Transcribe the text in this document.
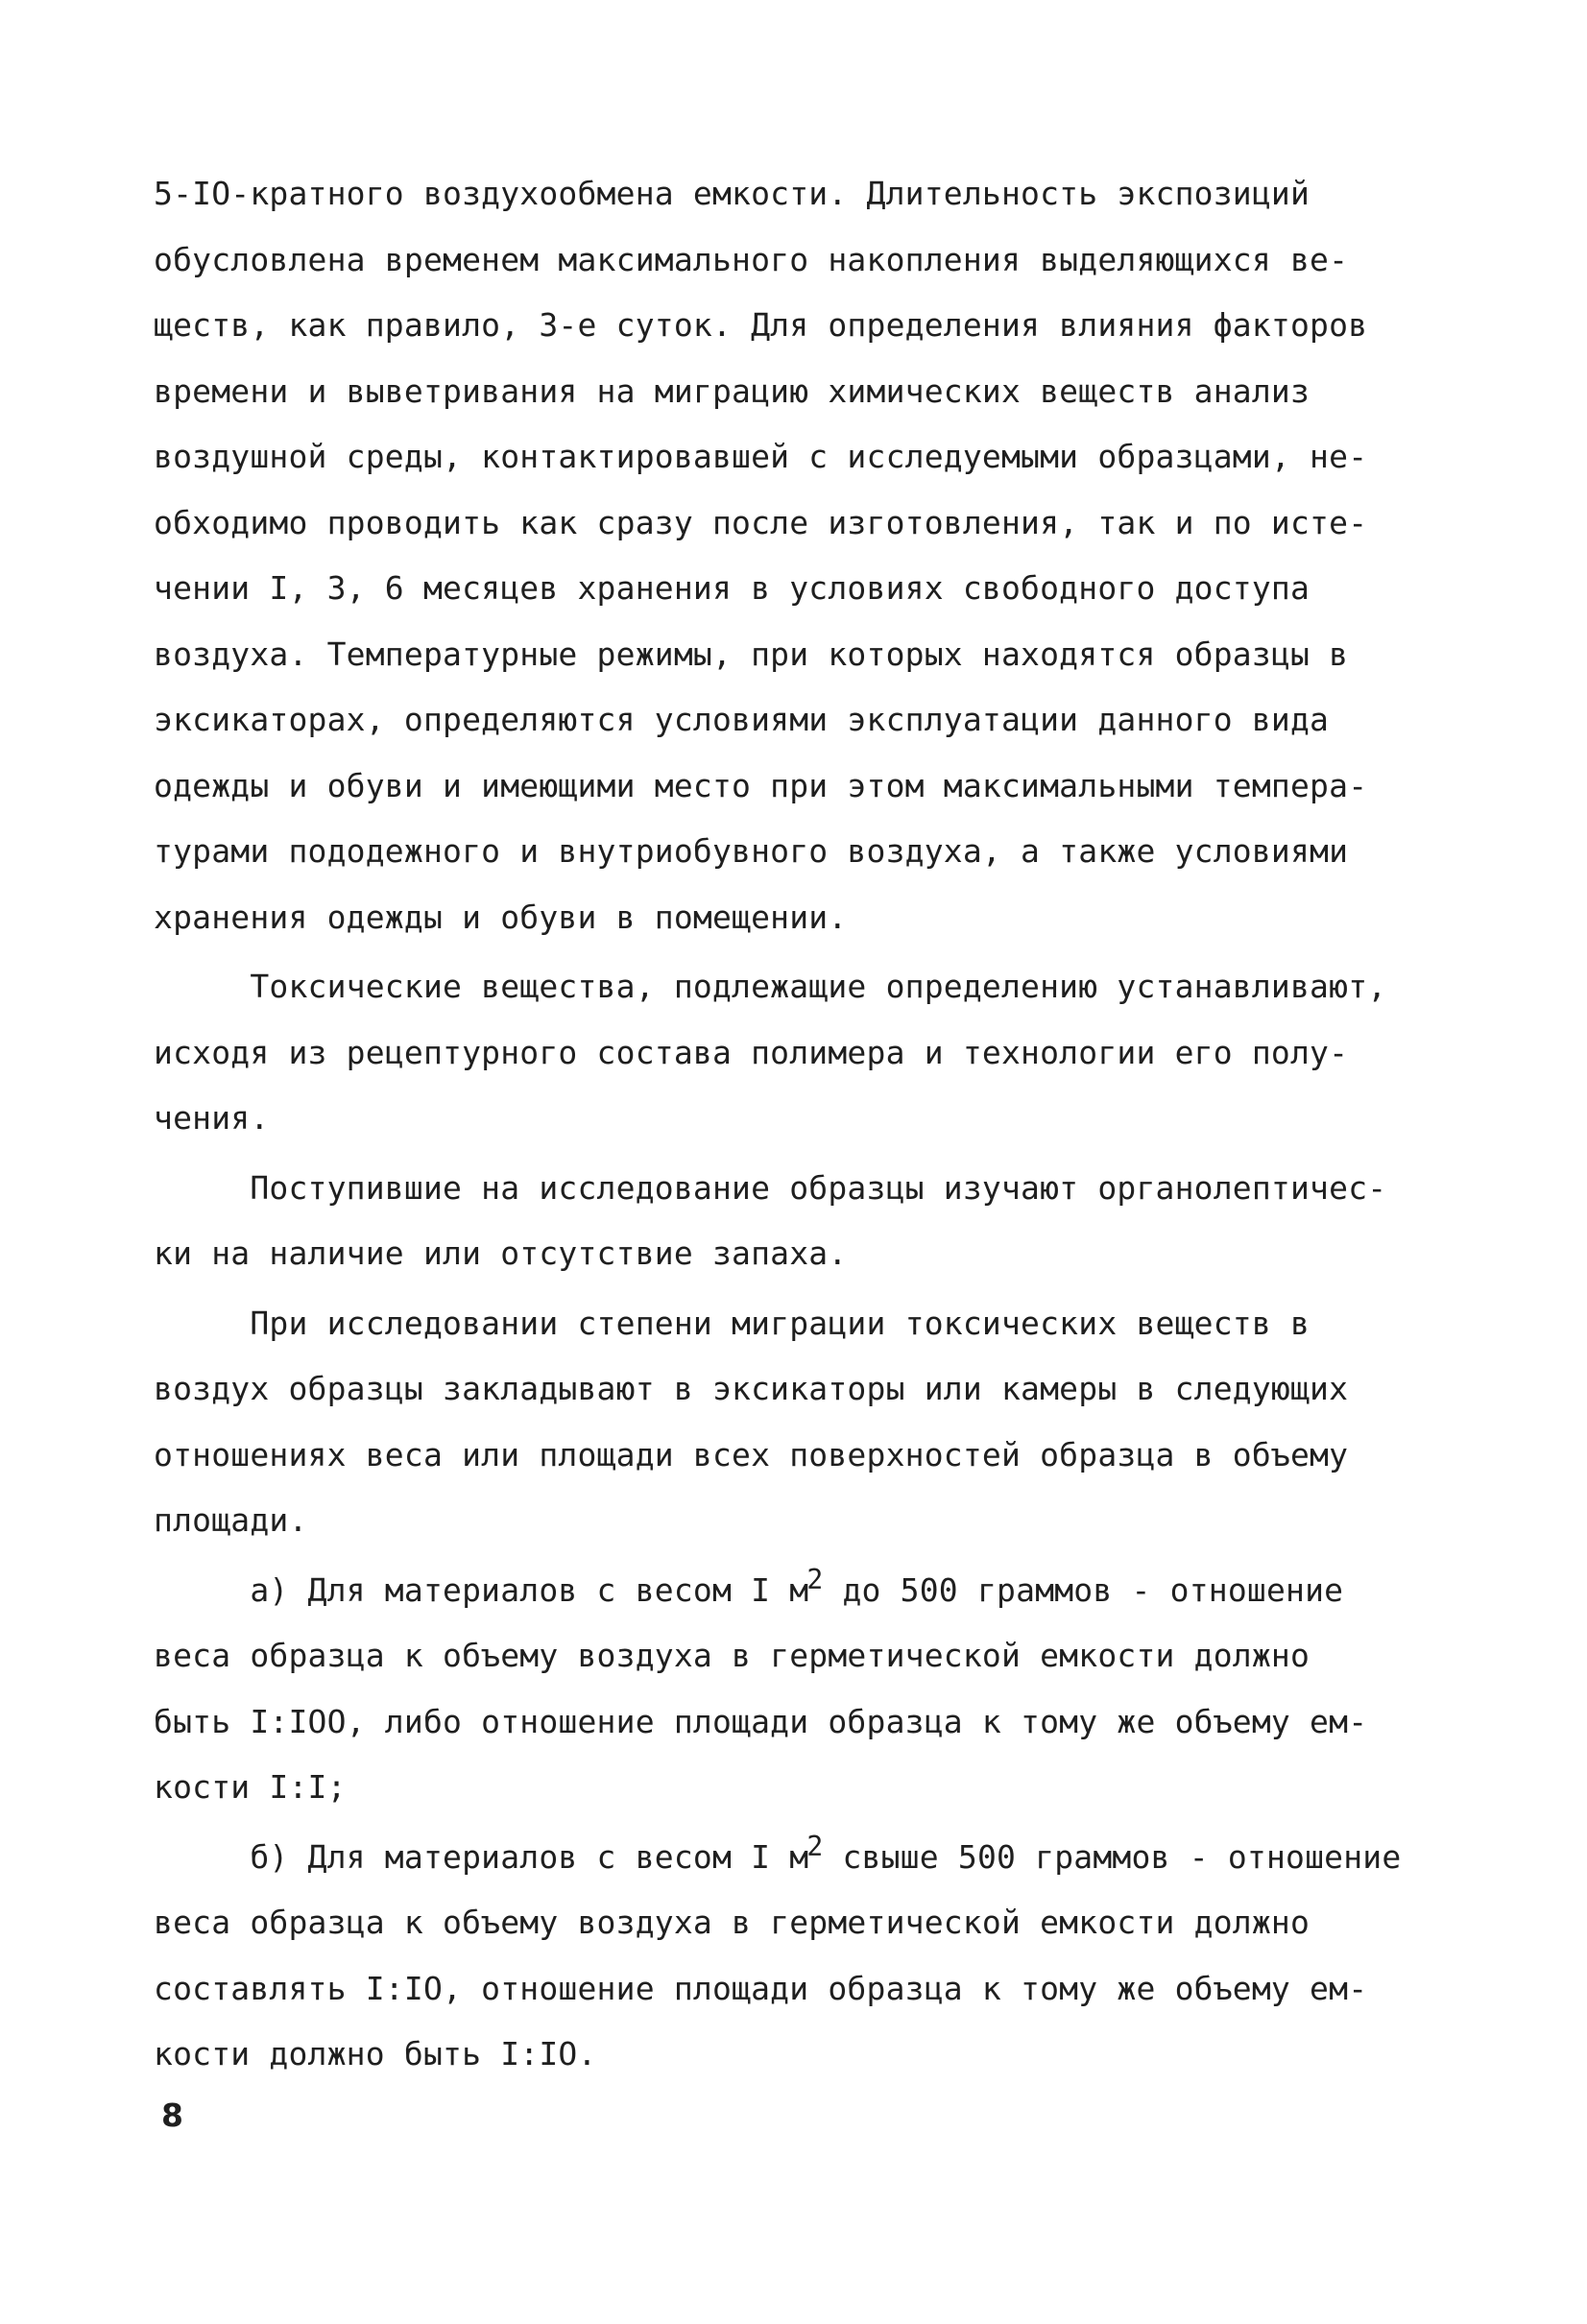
5-IО-кратного воздухообмена емкости. Длительность экспозиций
обусловлена временем максимального накопления выделяющихся ве-
ществ, как правило, 3-е суток. Для определения влияния факторов
времени и выветривания на миграцию химических веществ анализ
воздушной среды, контактировавшей с исследуемыми образцами, не-
обходимо проводить как сразу после изготовления, так и по исте-
чении I, 3, 6 месяцев хранения в условиях свободного доступа
воздуха. Температурные режимы, при которых находятся образцы в
эксикаторах, определяются условиями эксплуатации данного вида
одежды и обуви и имеющими место при этом максимальными темпера-
турами пододежного и внутриобувного воздуха, а также условиями
хранения одежды и обуви в помещении.
Токсические вещества, подлежащие определению устанавливают,
исходя из рецептурного состава полимера и технологии его полу-
чения.
Поступившие на исследование образцы изучают органолептичес-
ки на наличие или отсутствие запаха.
При исследовании степени миграции токсических веществ в
воздух образцы закладывают в эксикаторы или камеры в следующих
отношениях веса или площади всех поверхностей образца в объему
площади.
а) Для материалов с весом I $м^2$ до 500 граммов - отношение
веса образца к объему воздуха в герметической емкости должно
быть I:IОО, либо отношение площади образца к тому же объему ем-
кости I:I;
б) Для материалов с весом I $м^2$ свыше 500 граммов - отношение
веса образца к объему воздуха в герметической емкости должно
составлять I:IО, отношение площади образца к тому же объему ем-
кости должно быть I:IО.
8
